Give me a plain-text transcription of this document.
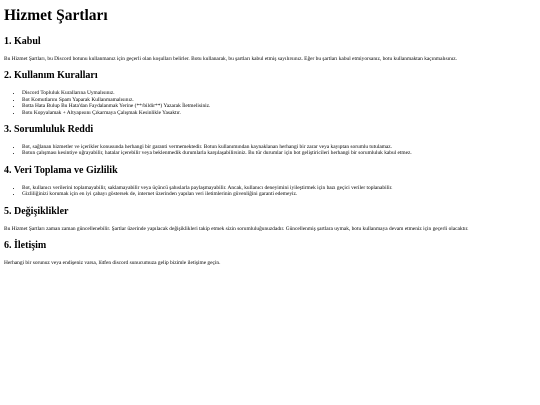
Hizmet Şartları
1. Kabul

Bu Hizmet Şartları, bu Discord botunu kullanmanız için geçerli olan koşulları belirler. Botu kullanarak, bu şartları kabul etmiş sayılırsınız. Eğer bu şartları kabul etmiyorsanız, botu kullanmaktan kaçınmalısınız.

2. Kullanım Kuralları
• Discord Topluluk Kurallarına Uymalısınız.
• Bot Komutlarını Spam Yaparak Kullanmamalısınız.
• Botta Hata Bulup Bu Hata'dan Faydalanmak Yerine (**/bildir**) Yazarak İletmelisiniz.
• Botu Kopyalamak + Altyapısını Çıkarmaya Çalışmak Kesinlikle Yasaktır.
3. Sorumluluk Reddi
• Bot, sağlanan hizmetler ve içerikler konusunda herhangi bir garanti vermemektedir. Botun kullanımından kaynaklanan herhangi bir zarar veya kayıptan sorumlu tutulamaz.
• Botun çalışması kesintiye uğrayabilir, hatalar içerebilir veya beklenmedik durumlarla karşılaşabilirsiniz. Bu tür durumlar için bot geliştiricileri herhangi bir sorumluluk kabul etmez.
4. Veri Toplama ve Gizlilik
• Bot, kullanıcı verilerini toplamayabilir, saklamayabilir veya üçüncü şahıslarla paylaşmayabilir. Ancak, kullanıcı deneyimini iyileştirmek için bazı geçici veriler toplanabilir.
• Gizliliğinizi korumak için en iyi çabayı göstersek de, internet üzerinden yapılan veri iletimlerinin güvenliğini garanti edemeyiz.
5. Değişiklikler

Bu Hizmet Şartları zaman zaman güncellenebilir. Şartlar üzerinde yapılacak değişiklikleri takip etmek sizin sorumluluğunuzdadır. Güncellenmiş şartlara uymak, botu kullanmaya devam etmeniz için geçerli olacaktır.

6. İletişim

Herhangi bir sorunuz veya endişeniz varsa, lütfen discord sunucumuza gelip bizimle iletişime geçin.
